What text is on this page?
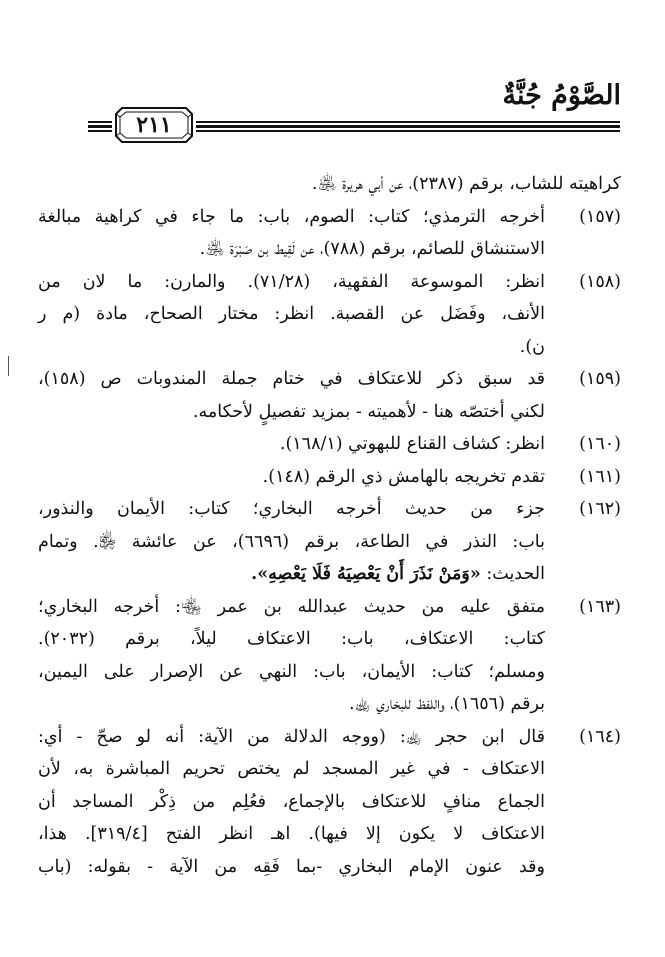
الصَّوْمُ جُنَّةٌ
٢١١
كراهيته للشاب، برقم (٢٣٨٧)، عن أبي هريرة ﵁.
(١٥٧)أخرجه الترمذي؛ كتاب: الصوم، باب: ما جاء في كراهية مبالغة
الاستنشاق للصائم، برقم (٧٨٨)، عن لَقِيط بن صَبْرَة ﵁.
(١٥٨)انظر: الموسوعة الفقهية، (٧١/٢٨). والمارن: ما لان من
الأنف، وفَضَل عن القصبة. انظر: مختار الصحاح، مادة (م ر
ن).
(١٥٩)قد سبق ذكر للاعتكاف في ختام جملة المندوبات ص (١٥٨)،
لكني أختصّه هنا - لأهميته - بمزيد تفصيلٍ لأحكامه.
(١٦٠)انظر: كشاف القناع للبهوتي (١٦٨/١).
(١٦١)تقدم تخريجه بالهامش ذي الرقم (١٤٨).
(١٦٢)جزء من حديث أخرجه البخاري؛ كتاب: الأيمان والنذور،
باب: النذر في الطاعة، برقم (٦٦٩٦)، عن عائشة ﵂. وتمام
الحديث: «وَمَنْ نَذَرَ أَنْ يَعْصِيَهُ فَلَا يَعْصِهِ».
(١٦٣)متفق عليه من حديث عبدالله بن عمر ﵄: أخرجه البخاري؛
كتاب: الاعتكاف، باب: الاعتكاف ليلاً، برقم (٢٠٣٢).
ومسلم؛ كتاب: الأيمان، باب: النهي عن الإصرار على اليمين،
برقم (١٦٥٦)، واللفظ للبخاري ﵀.
(١٦٤)قال ابن حجر ﵀: (ووجه الدلالة من الآية: أنه لو صحّ - أي:
الاعتكاف - في غير المسجد لم يختص تحريم المباشرة به، لأن
الجماع منافٍ للاعتكاف بالإجماع، فعُلِم من ذِكْر المساجد أن
الاعتكاف لا يكون إلا فيها). اهـ انظر الفتح [٣١٩/٤]. هذا،
وقد عنون الإمام البخاري -بما فَقِه من الآية - بقوله: (باب
